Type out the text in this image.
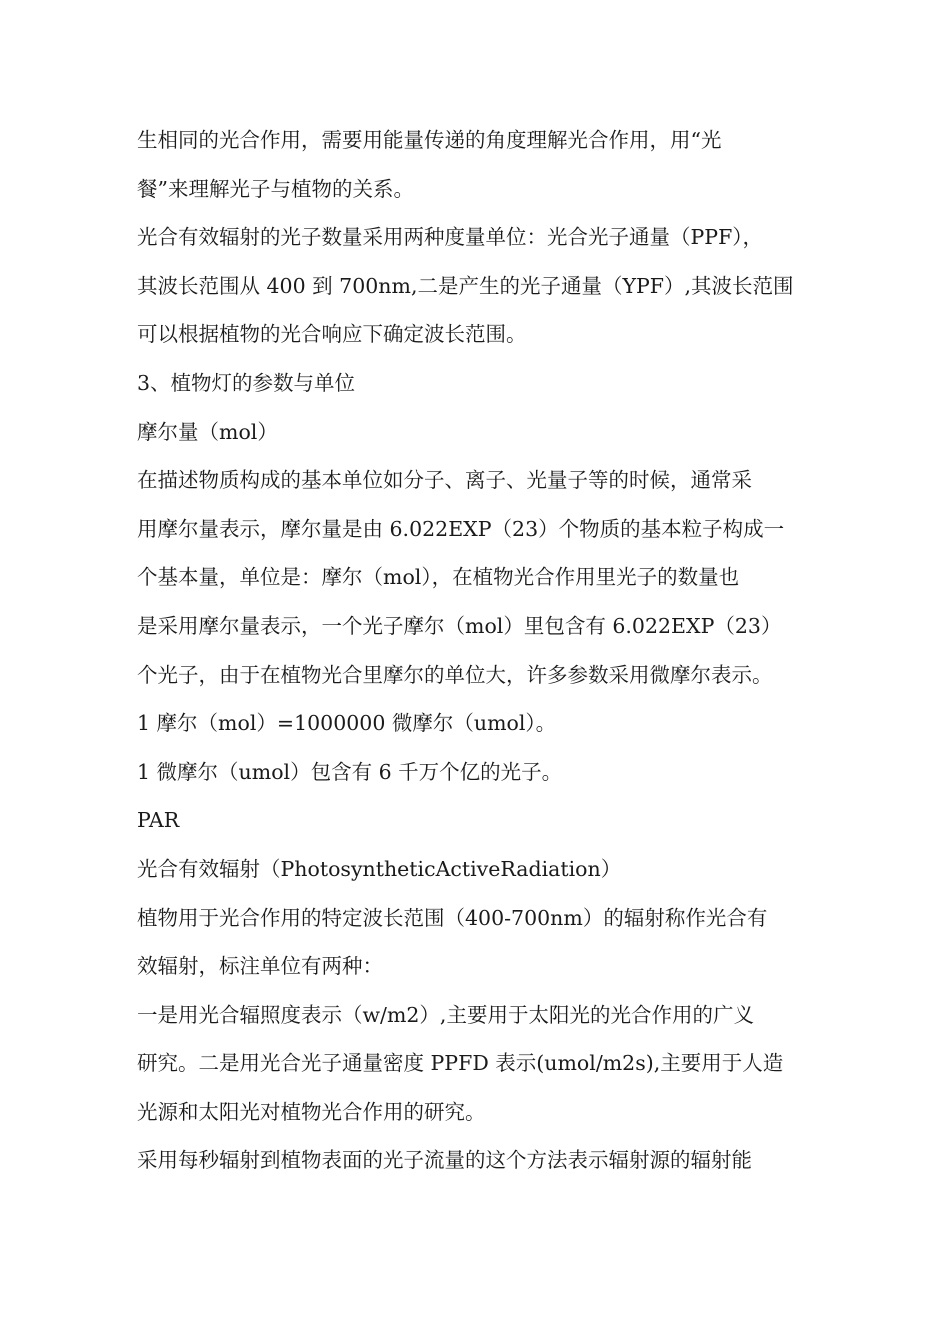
生相同的光合作用，需要用能量传递的角度理解光合作用，用“光
餐”来理解光子与植物的关系。
光合有效辐射的光子数量采用两种度量单位：光合光子通量（PPF），
其波长范围从 400 到 700nm,二是产生的光子通量（YPF）,其波长范围
可以根据植物的光合响应下确定波长范围。
3、植物灯的参数与单位
摩尔量（mol）
在描述物质构成的基本单位如分子、离子、光量子等的时候，通常采
用摩尔量表示，摩尔量是由 6.022EXP（23）个物质的基本粒子构成一
个基本量，单位是：摩尔（mol），在植物光合作用里光子的数量也
是采用摩尔量表示，一个光子摩尔（mol）里包含有 6.022EXP（23）
个光子，由于在植物光合里摩尔的单位大，许多参数采用微摩尔表示。
1 摩尔（mol）=1000000 微摩尔（umol）。
1 微摩尔（umol）包含有 6 千万个亿的光子。
PAR
光合有效辐射（PhotosyntheticActiveRadiation）
植物用于光合作用的特定波长范围（400-700nm）的辐射称作光合有
效辐射，标注单位有两种：
一是用光合辐照度表示（w/m2）,主要用于太阳光的光合作用的广义
研究。二是用光合光子通量密度 PPFD 表示(umol/m2s),主要用于人造
光源和太阳光对植物光合作用的研究。
采用每秒辐射到植物表面的光子流量的这个方法表示辐射源的辐射能
